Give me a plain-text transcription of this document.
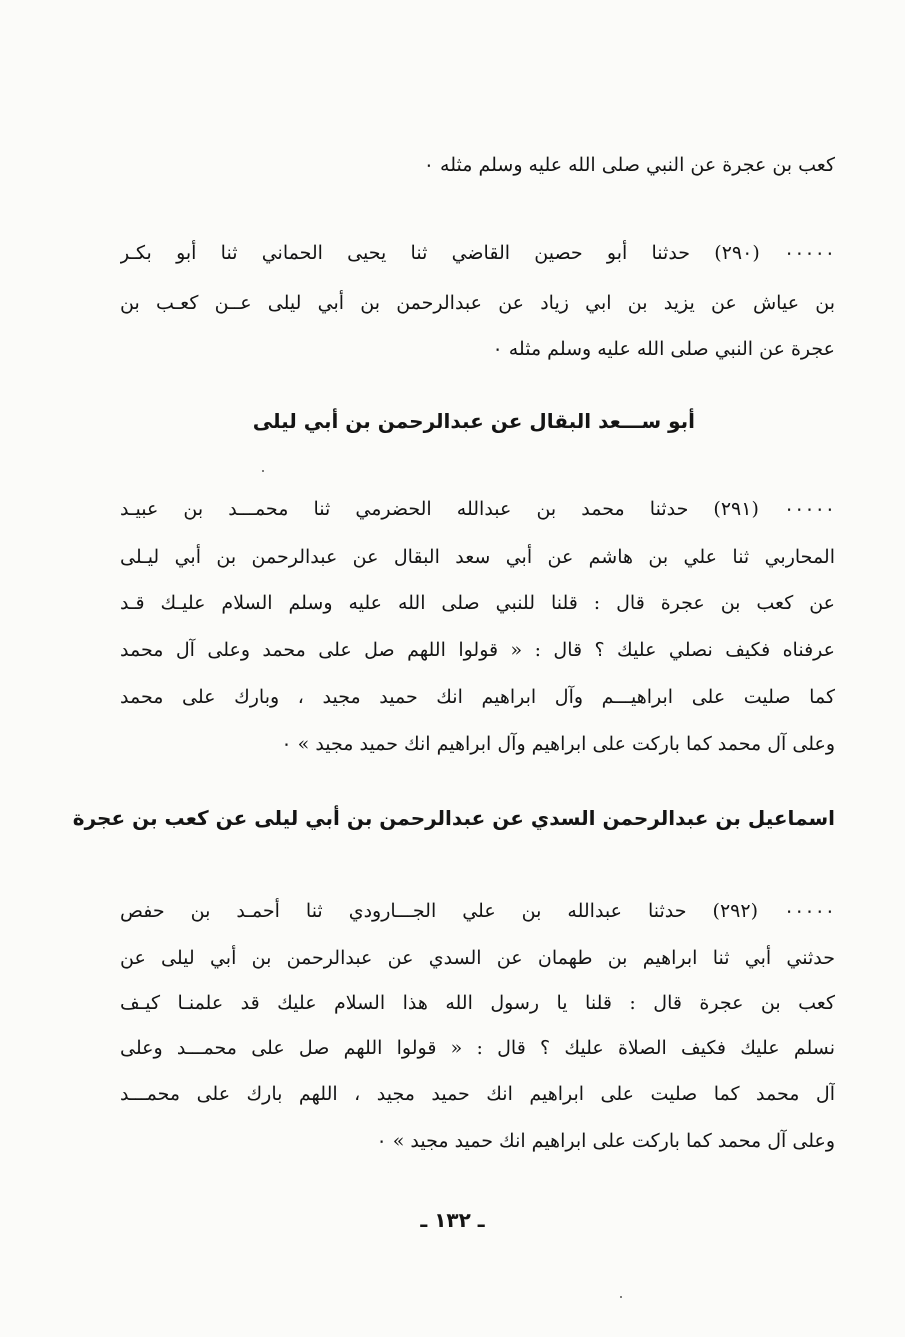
كعب بن عجرة عن النبي صلى الله عليه وسلم مثله ٠
٠٠٠٠٠ (٢٩٠) حدثنا أبو حصين القاضي ثنا يحيى الحماني ثنا أبو بكـر
بن عياش عن يزيد بن ابي زياد عن عبدالرحمن بن أبي ليلى عــن كعـب بن
عجرة عن النبي صلى الله عليه وسلم مثله ٠
أبو ســـعد البقال عن عبدالرحمن بن أبي ليلى
٠٠٠٠٠ (٢٩١) حدثنا محمد بن عبدالله الحضرمي ثنا محمـــد بن عبيـد
المحاربي ثنا علي بن هاشم عن أبي سعد البقال عن عبدالرحمن بن أبي ليـلى
عن كعب بن عجرة قال : قلنا للنبي صلى الله عليه وسلم السلام عليـك قـد
عرفناه فكيف نصلي عليك ؟ قال : « قولوا اللهم صل على محمد وعلى آل محمد
كما صليت على ابراهيـــم وآل ابراهيم انك حميد مجيد ، وبارك على محمد
وعلى آل محمد كما باركت على ابراهيم وآل ابراهيم انك حميد مجيد » ٠
اسماعيل بن عبدالرحمن السدي عن عبدالرحمن بن أبي ليلى عن كعب بن عجرة
٠٠٠٠٠ (٢٩٢) حدثنا عبدالله بن علي الجـــارودي ثنا أحمـد بن حفص
حدثني أبي ثنا ابراهيم بن طهمان عن السدي عن عبدالرحمن بن أبي ليلى عن
كعب بن عجرة قال : قلنا يا رسول الله هذا السلام عليك قد علمنـا كيـف
نسلم عليك فكيف الصلاة عليك ؟ قال : « قولوا اللهم صل على محمـــد وعلى
آل محمد كما صليت على ابراهيم انك حميد مجيد ، اللهم بارك على محمـــد
وعلى آل محمد كما باركت على ابراهيم انك حميد مجيد » ٠
ـ ١٣٢ ـ
